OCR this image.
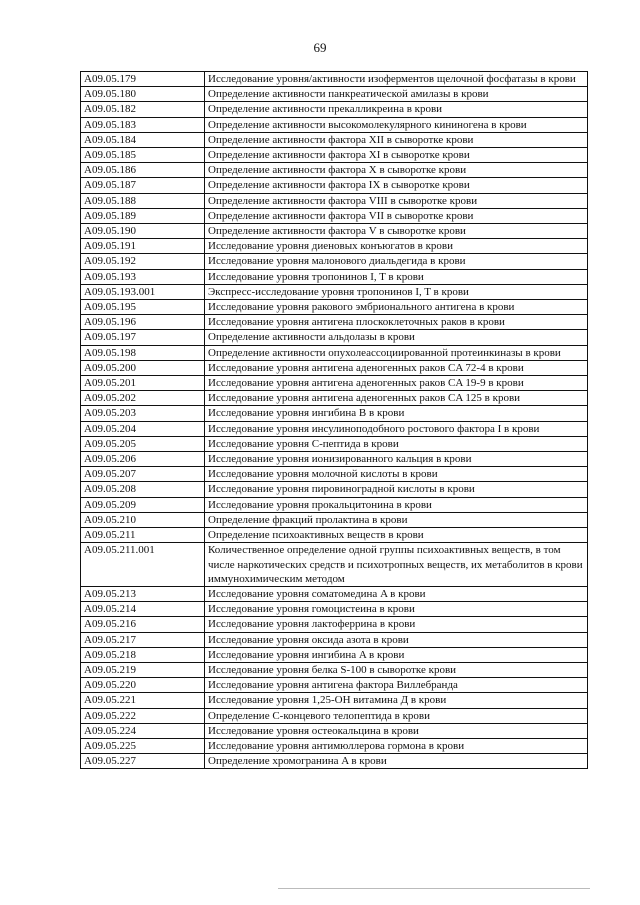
69
A09.05.179	Исследование уровня/активности изоферментов щелочной фосфатазы в крови
A09.05.180	Определение активности панкреатической амилазы в крови
A09.05.182	Определение активности прекалликреина в крови
A09.05.183	Определение активности высокомолекулярного кининогена в крови
A09.05.184	Определение активности фактора XII в сыворотке крови
A09.05.185	Определение активности фактора XI в сыворотке крови
A09.05.186	Определение активности фактора X в сыворотке крови
A09.05.187	Определение активности фактора IX в сыворотке крови
A09.05.188	Определение активности фактора VIII в сыворотке крови
A09.05.189	Определение активности фактора VII в сыворотке крови
A09.05.190	Определение активности фактора V в сыворотке крови
A09.05.191	Исследование уровня диеновых конъюгатов в крови
A09.05.192	Исследование уровня малонового диальдегида в крови
A09.05.193	Исследование уровня тропонинов I, T в крови
A09.05.193.001	Экспресс-исследование уровня тропонинов I, T в крови
A09.05.195	Исследование уровня ракового эмбрионального антигена в крови
A09.05.196	Исследование уровня антигена плоскоклеточных раков в крови
A09.05.197	Определение активности альдолазы в крови
A09.05.198	Определение активности опухолеассоциированной протеинкиназы в крови
A09.05.200	Исследование уровня антигена аденогенных раков CA 72-4 в крови
A09.05.201	Исследование уровня антигена аденогенных раков CA 19-9 в крови
A09.05.202	Исследование уровня антигена аденогенных раков CA 125 в крови
A09.05.203	Исследование уровня ингибина B в крови
A09.05.204	Исследование уровня инсулиноподобного ростового фактора I в крови
A09.05.205	Исследование уровня C-пептида в крови
A09.05.206	Исследование уровня ионизированного кальция в крови
A09.05.207	Исследование уровня молочной кислоты в крови
A09.05.208	Исследование уровня пировиноградной кислоты в крови
A09.05.209	Исследование уровня прокальцитонина в крови
A09.05.210	Определение фракций пролактина в крови
A09.05.211	Определение психоактивных веществ в крови
A09.05.211.001	Количественное определение одной группы психоактивных веществ, в том числе наркотических средств и психотропных веществ, их метаболитов в крови иммунохимическим методом
A09.05.213	Исследование уровня соматомедина A в крови
A09.05.214	Исследование уровня гомоцистеина в крови
A09.05.216	Исследование уровня лактоферрина в крови
A09.05.217	Исследование уровня оксида азота в крови
A09.05.218	Исследование уровня ингибина A в крови
A09.05.219	Исследование уровня белка S-100 в сыворотке крови
A09.05.220	Исследование уровня антигена фактора Виллебранда
A09.05.221	Исследование уровня 1,25-OH витамина Д в крови
A09.05.222	Определение C-концевого телопептида в крови
A09.05.224	Исследование уровня остеокальцина в крови
A09.05.225	Исследование уровня антимюллерова гормона в крови
A09.05.227	Определение хромогранина A в крови
